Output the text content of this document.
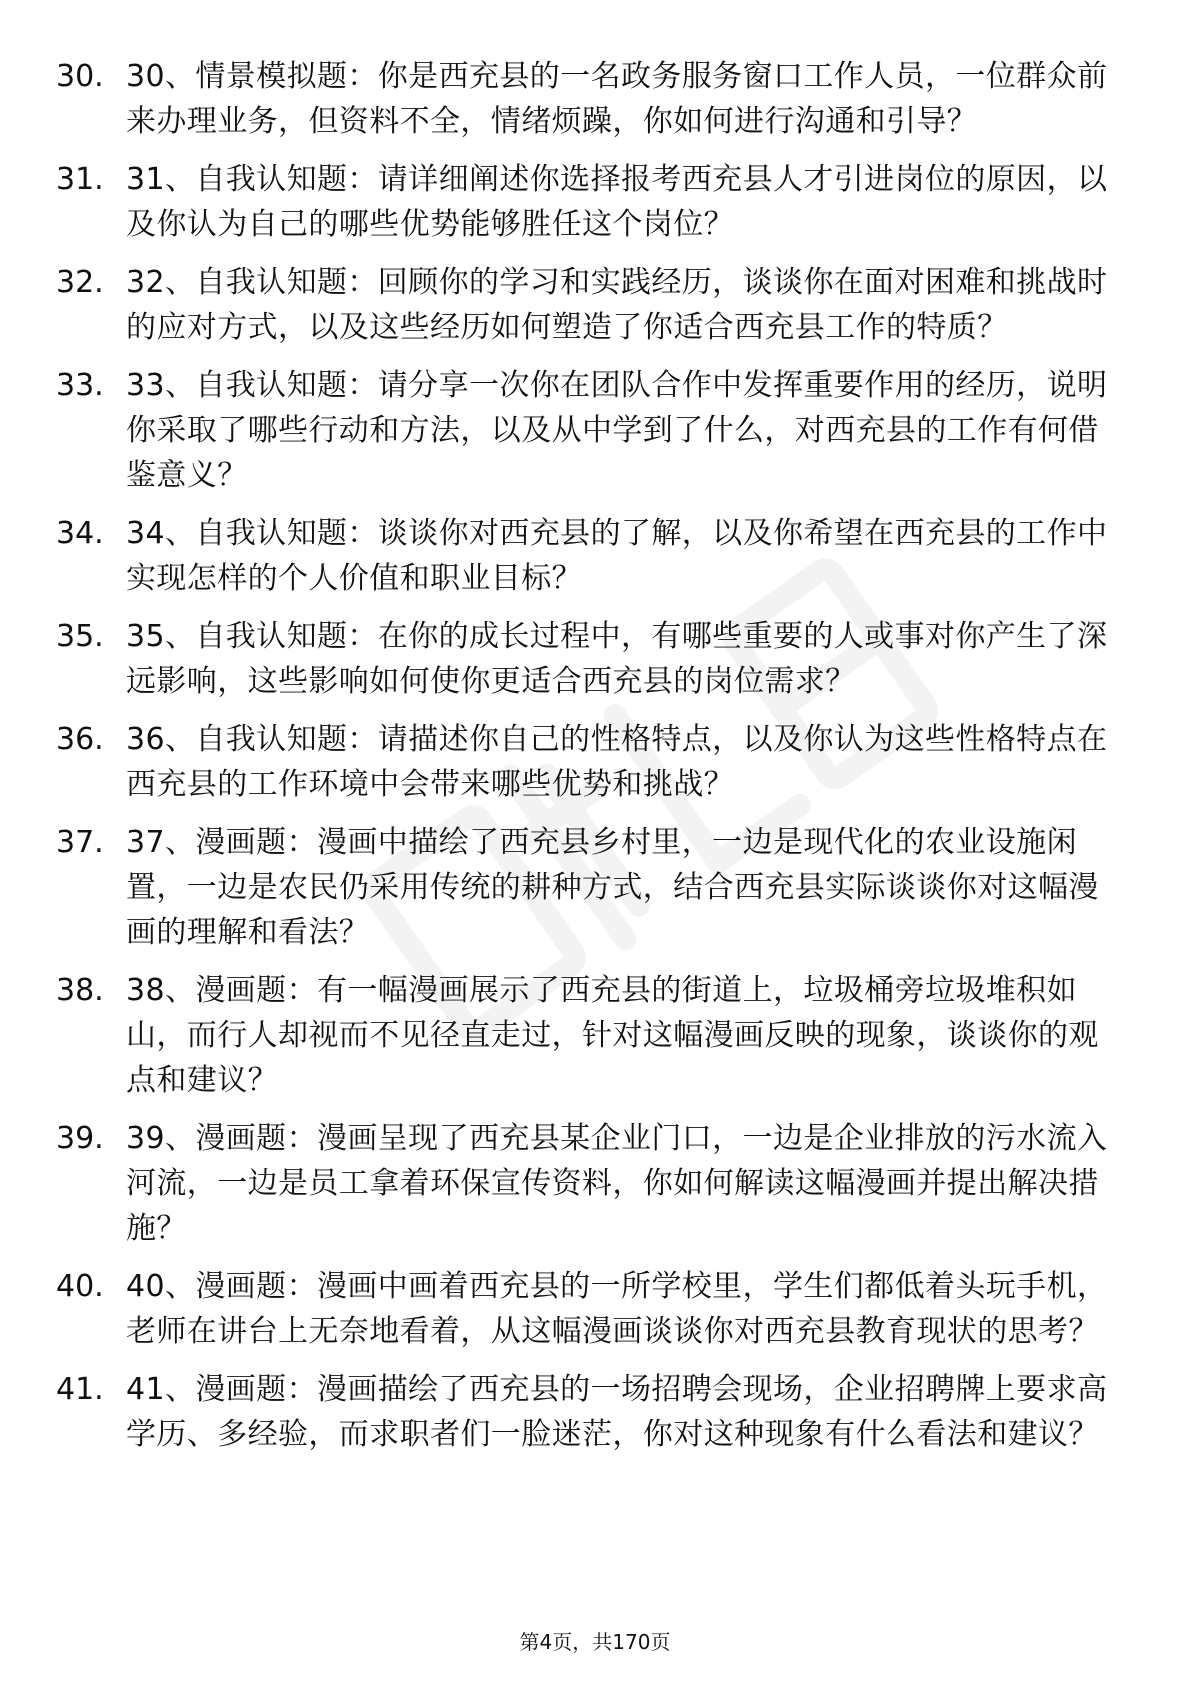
30. 30、情景模拟题：你是西充县的一名政务服务窗口工作人员，一位群众前来办理业务，但资料不全，情绪烦躁，你如何进行沟通和引导？
31. 31、自我认知题：请详细阐述你选择报考西充县人才引进岗位的原因，以及你认为自己的哪些优势能够胜任这个岗位？
32. 32、自我认知题：回顾你的学习和实践经历，谈谈你在面对困难和挑战时的应对方式，以及这些经历如何塑造了你适合西充县工作的特质？
33. 33、自我认知题：请分享一次你在团队合作中发挥重要作用的经历，说明你采取了哪些行动和方法，以及从中学到了什么，对西充县的工作有何借鉴意义？
34. 34、自我认知题：谈谈你对西充县的了解，以及你希望在西充县的工作中实现怎样的个人价值和职业目标？
35. 35、自我认知题：在你的成长过程中，有哪些重要的人或事对你产生了深远影响，这些影响如何使你更适合西充县的岗位需求？
36. 36、自我认知题：请描述你自己的性格特点，以及你认为这些性格特点在西充县的工作环境中会带来哪些优势和挑战？
37. 37、漫画题：漫画中描绘了西充县乡村里，一边是现代化的农业设施闲置，一边是农民仍采用传统的耕种方式，结合西充县实际谈谈你对这幅漫画的理解和看法？
38. 38、漫画题：有一幅漫画展示了西充县的街道上，垃圾桶旁垃圾堆积如山，而行人却视而不见径直走过，针对这幅漫画反映的现象，谈谈你的观点和建议？
39. 39、漫画题：漫画呈现了西充县某企业门口，一边是企业排放的污水流入河流，一边是员工拿着环保宣传资料，你如何解读这幅漫画并提出解决措施？
40. 40、漫画题：漫画中画着西充县的一所学校里，学生们都低着头玩手机，老师在讲台上无奈地看着，从这幅漫画谈谈你对西充县教育现状的思考？
41. 41、漫画题：漫画描绘了西充县的一场招聘会现场，企业招聘牌上要求高学历、多经验，而求职者们一脸迷茫，你对这种现象有什么看法和建议？
第4页，共170页
